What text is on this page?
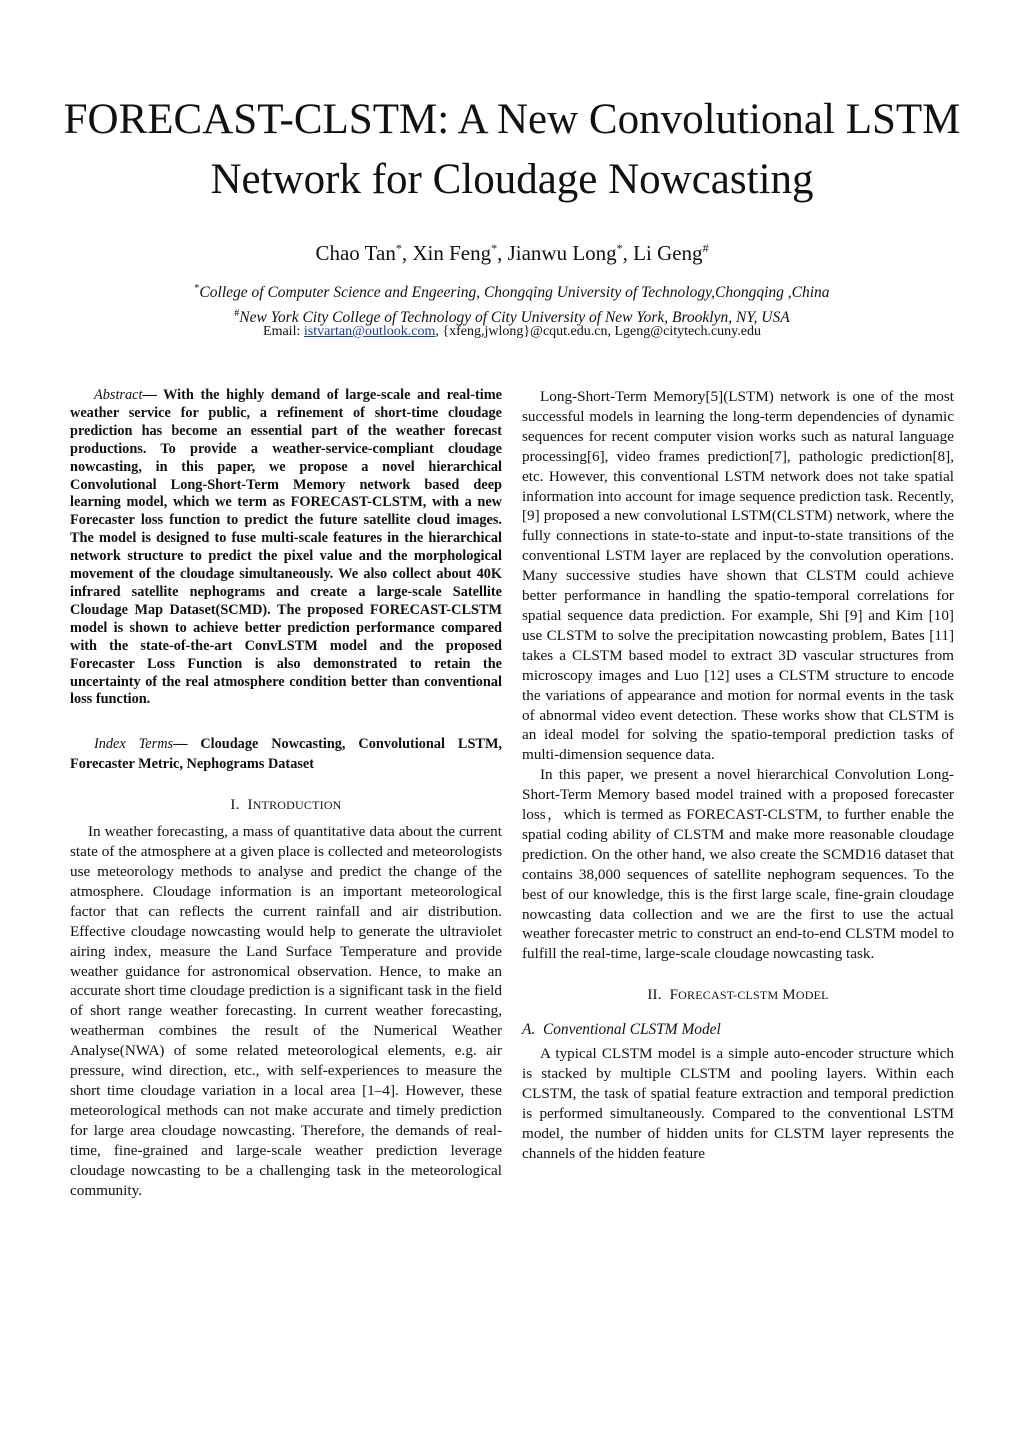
FORECAST-CLSTM: A New Convolutional LSTM
Network for Cloudage Nowcasting
Chao Tan*, Xin Feng*, Jianwu Long*, Li Geng#
*College of Computer Science and Engeering, Chongqing University of Technology,Chongqing ,China
#New York City College of Technology of City University of New York, Brooklyn, NY, USA
Email: istvartan@outlook.com, {xfeng,jwlong}@cqut.edu.cn, Lgeng@citytech.cuny.edu

Abstract— With the highly demand of large-scale and real-time weather service for public, a refinement of short-time cloudage prediction has become an essential part of the weather forecast productions. To provide a weather-service-compliant cloudage nowcasting, in this paper, we propose a novel hierarchical Convolutional Long-Short-Term Memory network based deep learning model, which we term as FORECAST-CLSTM, with a new Forecaster loss function to predict the future satellite cloud images. The model is designed to fuse multi-scale features in the hierarchical network structure to predict the pixel value and the morphological movement of the cloudage simultaneously. We also collect about 40K infrared satellite nephograms and create a large-scale Satellite Cloudage Map Dataset(SCMD). The proposed FORECAST-CLSTM model is shown to achieve better prediction performance compared with the state-of-the-art ConvLSTM model and the proposed Forecaster Loss Function is also demonstrated to retain the uncertainty of the real atmosphere condition better than conventional loss function.

Index Terms— Cloudage Nowcasting, Convolutional LSTM, Forecaster Metric, Nephograms Dataset

I. INTRODUCTION

In weather forecasting, a mass of quantitative data about the current state of the atmosphere at a given place is collected and meteorologists use meteorology methods to analyse and predict the change of the atmosphere. Cloudage information is an important meteorological factor that can reflects the current rainfall and air distribution. Effective cloudage nowcasting would help to generate the ultraviolet airing index, measure the Land Surface Temperature and provide weather guidance for astronomical observation. Hence, to make an accurate short time cloudage prediction is a significant task in the field of short range weather forecasting. In current weather forecasting, weatherman combines the result of the Numerical Weather Analyse(NWA) of some related meteorological elements, e.g. air pressure, wind direction, etc., with self-experiences to measure the short time cloudage variation in a local area [1–4]. However, these meteorological methods can not make accurate and timely prediction for large area cloudage nowcasting. Therefore, the demands of real-time, fine-grained and large-scale weather prediction leverage cloudage nowcasting to be a challenging task in the meteorological community.

Long-Short-Term Memory[5](LSTM) network is one of the most successful models in learning the long-term dependencies of dynamic sequences for recent computer vision works such as natural language processing[6], video frames prediction[7], pathologic prediction[8], etc. However, this conventional LSTM network does not take spatial information into account for image sequence prediction task. Recently, [9] proposed a new convolutional LSTM(CLSTM) network, where the fully connections in state-to-state and input-to-state transitions of the conventional LSTM layer are replaced by the convolution operations. Many successive studies have shown that CLSTM could achieve better performance in handling the spatio-temporal correlations for spatial sequence data prediction. For example, Shi [9] and Kim [10] use CLSTM to solve the precipitation nowcasting problem, Bates [11] takes a CLSTM based model to extract 3D vascular structures from microscopy images and Luo [12] uses a CLSTM structure to encode the variations of appearance and motion for normal events in the task of abnormal video event detection. These works show that CLSTM is an ideal model for solving the spatio-temporal prediction tasks of multi-dimension sequence data.

In this paper, we present a novel hierarchical Convolution Long-Short-Term Memory based model trained with a proposed forecaster loss，which is termed as FORECAST-CLSTM, to further enable the spatial coding ability of CLSTM and make more reasonable cloudage prediction. On the other hand, we also create the SCMD16 dataset that contains 38,000 sequences of satellite nephogram sequences. To the best of our knowledge, this is the first large scale, fine-grain cloudage nowcasting data collection and we are the first to use the actual weather forecaster metric to construct an end-to-end CLSTM model to fulfill the real-time, large-scale cloudage nowcasting task.

II. FORECAST-CLSTM MODEL
A. Conventional CLSTM Model

A typical CLSTM model is a simple auto-encoder structure which is stacked by multiple CLSTM and pooling layers. Within each CLSTM, the task of spatial feature extraction and temporal prediction is performed simultaneously. Compared to the conventional LSTM model, the number of hidden units for CLSTM layer represents the channels of the hidden feature
